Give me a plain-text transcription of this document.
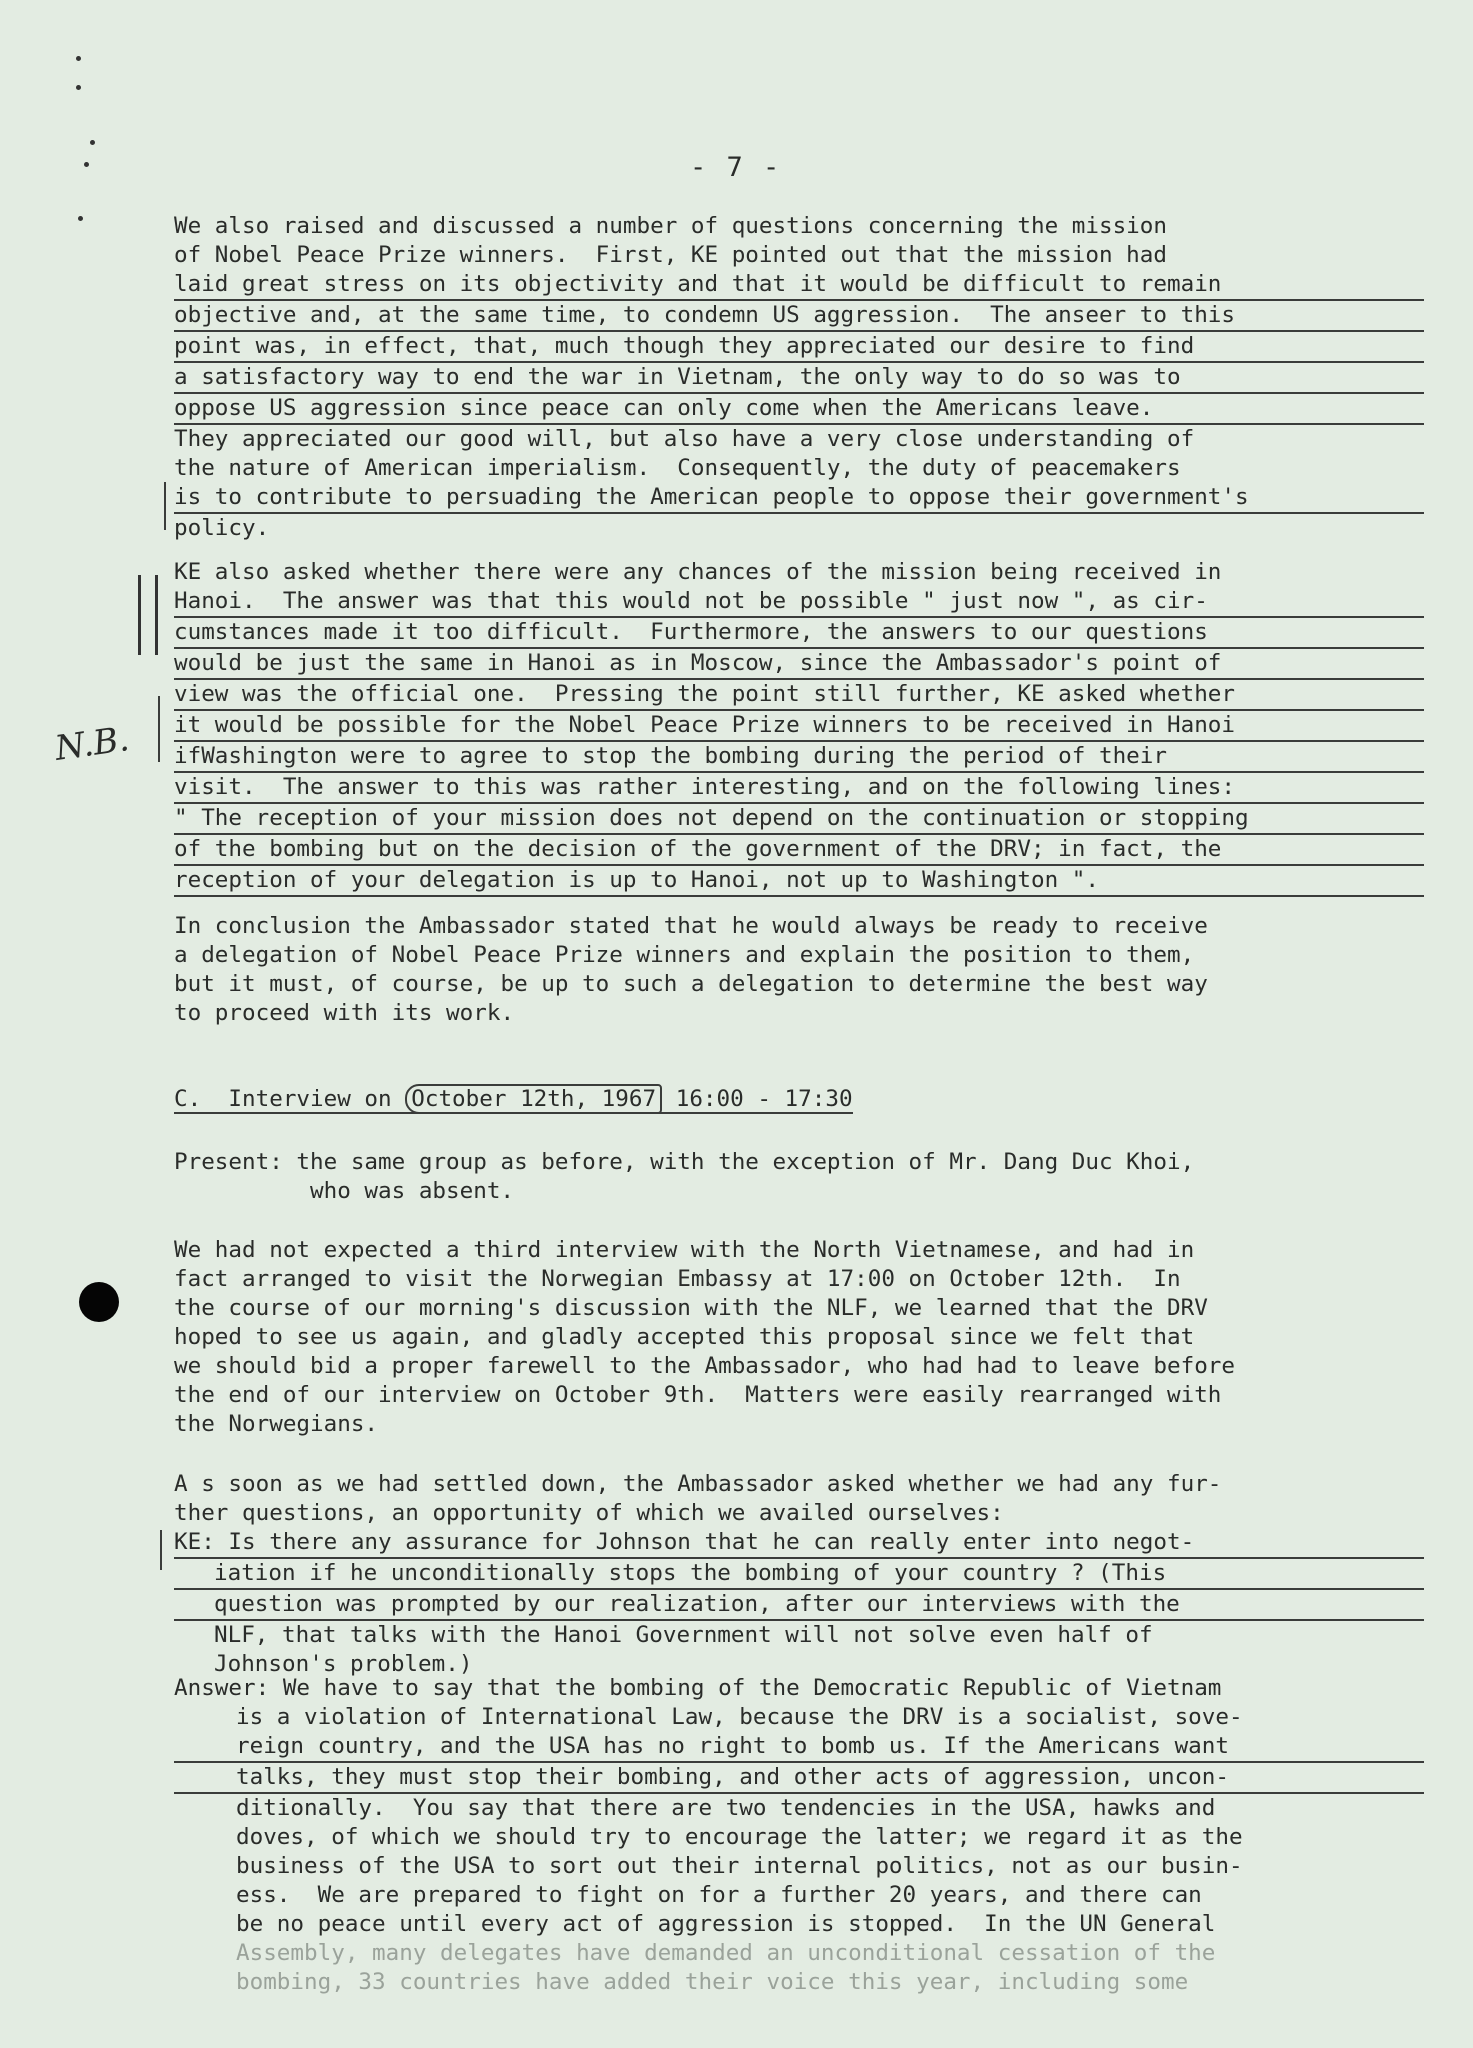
- 7 -
We also raised and discussed a number of questions concerning the mission
of Nobel Peace Prize winners.  First, KE pointed out that the mission had
laid great stress on its objectivity and that it would be difficult to remain
objective and, at the same time, to condemn US aggression.  The anseer to this
point was, in effect, that, much though they appreciated our desire to find
a satisfactory way to end the war in Vietnam, the only way to do so was to
oppose US aggression since peace can only come when the Americans leave.
They appreciated our good will, but also have a very close understanding of
the nature of American imperialism.  Consequently, the duty of peacemakers
is to contribute to persuading the American people to oppose their government's
policy.
KE also asked whether there were any chances of the mission being received in
Hanoi.  The answer was that this would not be possible " just now ", as cir-
cumstances made it too difficult.  Furthermore, the answers to our questions
would be just the same in Hanoi as in Moscow, since the Ambassador's point of
view was the official one.  Pressing the point still further, KE asked whether
it would be possible for the Nobel Peace Prize winners to be received in Hanoi
ifWashington were to agree to stop the bombing during the period of their
visit.  The answer to this was rather interesting, and on the following lines:
" The reception of your mission does not depend on the continuation or stopping
of the bombing but on the decision of the government of the DRV; in fact, the
reception of your delegation is up to Hanoi, not up to Washington ".
N.B.
In conclusion the Ambassador stated that he would always be ready to receive
a delegation of Nobel Peace Prize winners and explain the position to them,
but it must, of course, be up to such a delegation to determine the best way
to proceed with its work.
C.  Interview on October 12th, 1967 16:00 - 17:30
Present: the same group as before, with the exception of Mr. Dang Duc Khoi,
who was absent.
We had not expected a third interview with the North Vietnamese, and had in
fact arranged to visit the Norwegian Embassy at 17:00 on October 12th.  In
the course of our morning's discussion with the NLF, we learned that the DRV
hoped to see us again, and gladly accepted this proposal since we felt that
we should bid a proper farewell to the Ambassador, who had had to leave before
the end of our interview on October 9th.  Matters were easily rearranged with
the Norwegians.
A s soon as we had settled down, the Ambassador asked whether we had any fur-
ther questions, an opportunity of which we availed ourselves:
KE: Is there any assurance for Johnson that he can really enter into negot-
iation if he unconditionally stops the bombing of your country ? (This
question was prompted by our realization, after our interviews with the
NLF, that talks with the Hanoi Government will not solve even half of
Johnson's problem.)
Answer: We have to say that the bombing of the Democratic Republic of Vietnam
is a violation of International Law, because the DRV is a socialist, sove-
reign country, and the USA has no right to bomb us. If the Americans want
talks, they must stop their bombing, and other acts of aggression, uncon-
ditionally.  You say that there are two tendencies in the USA, hawks and
doves, of which we should try to encourage the latter; we regard it as the
business of the USA to sort out their internal politics, not as our busin-
ess.  We are prepared to fight on for a further 20 years, and there can
be no peace until every act of aggression is stopped.  In the UN General
Assembly, many delegates have demanded an unconditional cessation of the
bombing, 33 countries have added their voice this year, including some
